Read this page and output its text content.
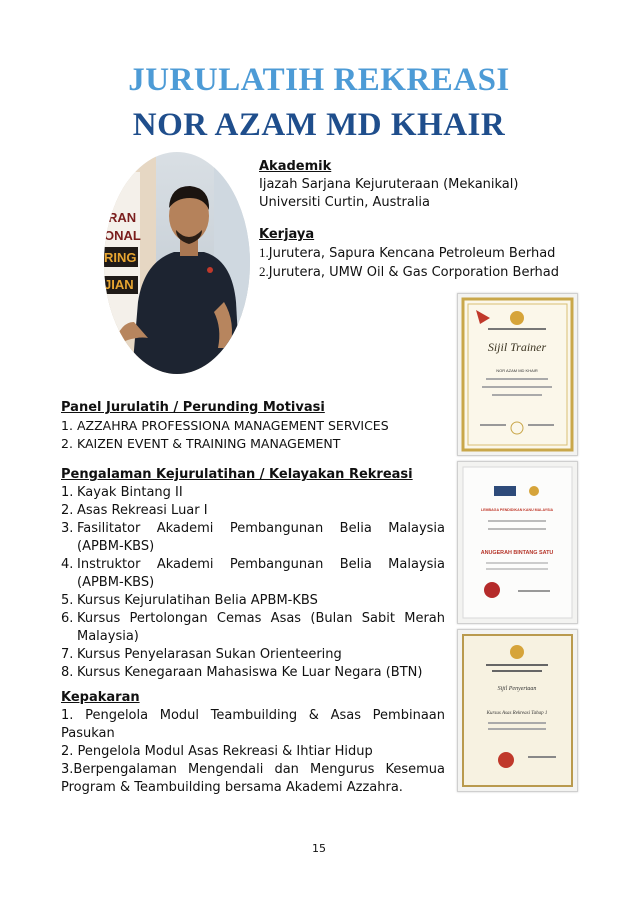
JURULATIH REKREASI
NOR AZAM MD KHAIR
RAN
ONAL
RING
JIAN
Akademik
Ijazah Sarjana Kejuruteraan (Mekanikal)
Universiti Curtin, Australia
Kerjaya
1.Jurutera, Sapura Kencana Petroleum Berhad
2.Jurutera, UMW Oil & Gas Corporation Berhad
Panel Jurulatih / Perunding Motivasi
1. AZZAHRA PROFESSIONA MANAGEMENT SERVICES
2. KAIZEN EVENT & TRAINING MANAGEMENT
Pengalaman Kejurulatihan / Kelayakan Rekreasi
1. Kayak Bintang II
2. Asas Rekreasi Luar I
3. Fasilitator Akademi Pembangunan Belia Malaysia (APBM-KBS)
4. Instruktor Akademi Pembangunan Belia Malaysia (APBM-KBS)
5. Kursus Kejurulatihan Belia APBM-KBS
6. Kursus Pertolongan Cemas Asas (Bulan Sabit Merah Malaysia)
7. Kursus Penyelarasan Sukan Orienteering
8. Kursus Kenegaraan Mahasiswa Ke Luar Negara (BTN)
Kepakaran
1. Pengelola Modul Teambuilding & Asas Pembinaan Pasukan
2. Pengelola Modul Asas Rekreasi & Ihtiar Hidup
3.Berpengalaman Mengendali dan Mengurus Kesemua Program & Teambuilding bersama Akademi Azzahra.
Sijil Trainer
NOR AZAM MD KHAIR
LEMBAGA PENDIDIKAN KANU MALAYSIA
ANUGERAH BINTANG SATU
Sijil Penyertaan
Kursus Asas Rekreasi Tahap 1
15
